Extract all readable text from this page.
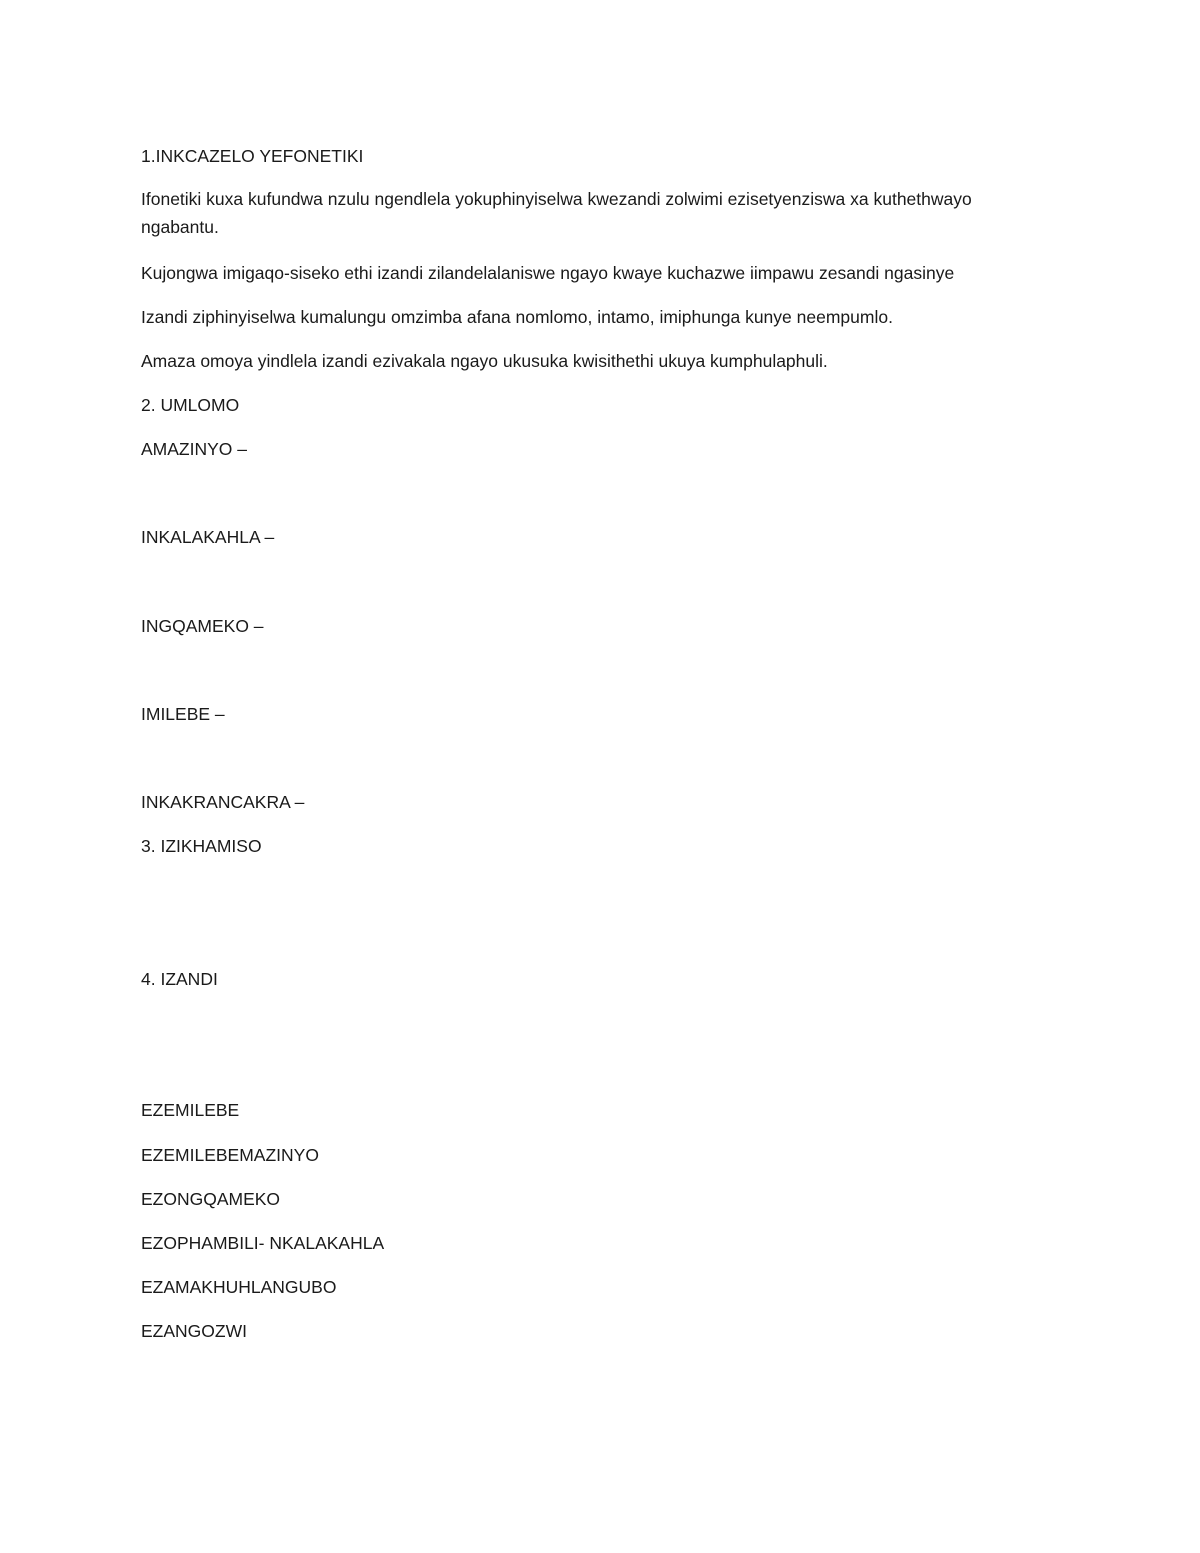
1.INKCAZELO YEFONETIKI

Ifonetiki kuxa kufundwa nzulu ngendlela yokuphinyiselwa kwezandi zolwimi ezisetyenziswa xa kuthethwayo ngabantu.

Kujongwa imigaqo-siseko ethi izandi zilandelalaniswe ngayo kwaye kuchazwe iimpawu zesandi ngasinye

Izandi ziphinyiselwa kumalungu omzimba afana nomlomo, intamo, imiphunga kunye neempumlo.

Amaza omoya yindlela izandi ezivakala ngayo ukusuka kwisithethi ukuya kumphulaphuli.

2. UMLOMO

AMAZINYO –

INKALAKAHLA –

INGQAMEKO –

IMILEBE –

INKAKRANCAKRA –

3. IZIKHAMISO

4. IZANDI

EZEMILEBE

EZEMILEBEMAZINYO

EZONGQAMEKO

EZOPHAMBILI- NKALAKAHLA

EZAMAKHUHLANGUBO

EZANGOZWI
